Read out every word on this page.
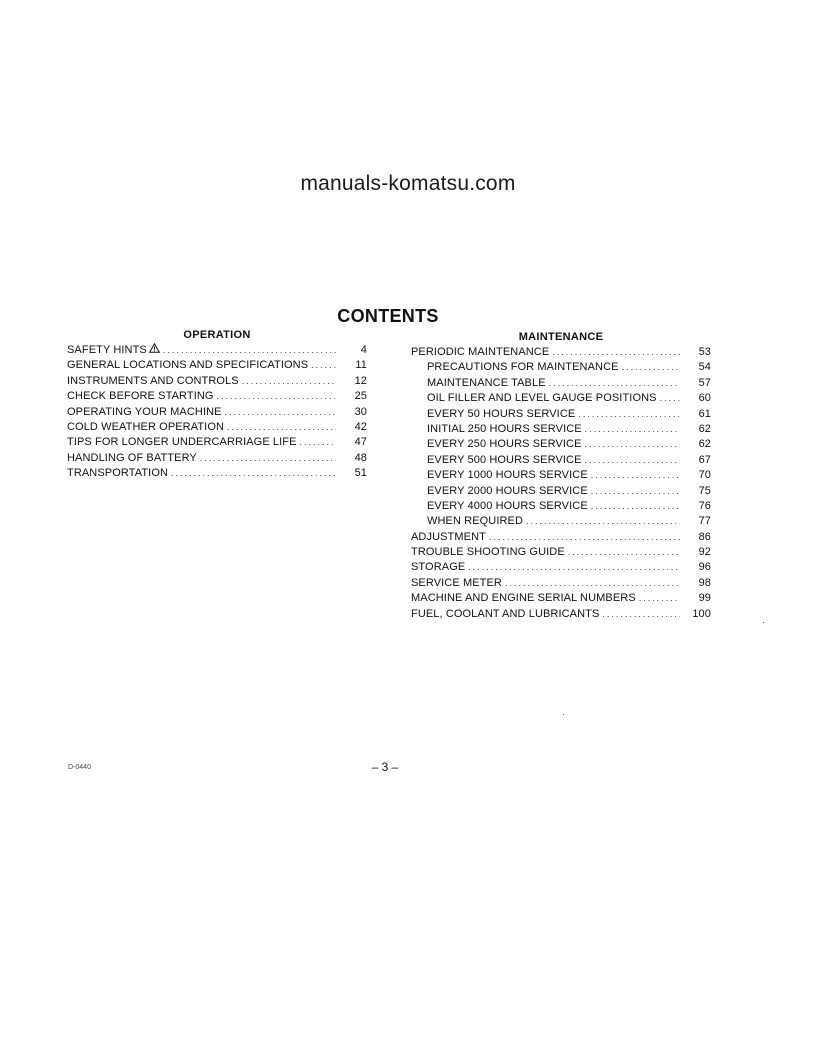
manuals-komatsu.com
CONTENTS
OPERATION
SAFETY HINTS .....	4
GENERAL LOCATIONS AND SPECIFICATIONS .....	11
INSTRUMENTS AND CONTROLS .....	12
CHECK BEFORE STARTING .....	25
OPERATING YOUR MACHINE .....	30
COLD WEATHER OPERATION .....	42
TIPS FOR LONGER UNDERCARRIAGE LIFE .....	47
HANDLING OF BATTERY .....	48
TRANSPORTATION .....	51
MAINTENANCE
PERIODIC MAINTENANCE .....	53
PRECAUTIONS FOR MAINTENANCE .....	54
MAINTENANCE TABLE .....	57
OIL FILLER AND LEVEL GAUGE POSITIONS .....	60
EVERY 50 HOURS SERVICE .....	61
INITIAL 250 HOURS SERVICE .....	62
EVERY 250 HOURS SERVICE .....	62
EVERY 500 HOURS SERVICE .....	67
EVERY 1000 HOURS SERVICE .....	70
EVERY 2000 HOURS SERVICE .....	75
EVERY 4000 HOURS SERVICE .....	76
WHEN REQUIRED .....	77
ADJUSTMENT .....	86
TROUBLE SHOOTING GUIDE .....	92
STORAGE .....	96
SERVICE METER .....	98
MACHINE AND ENGINE SERIAL NUMBERS .....	99
FUEL, COOLANT AND LUBRICANTS .....	100
– 3 –
D-0440
